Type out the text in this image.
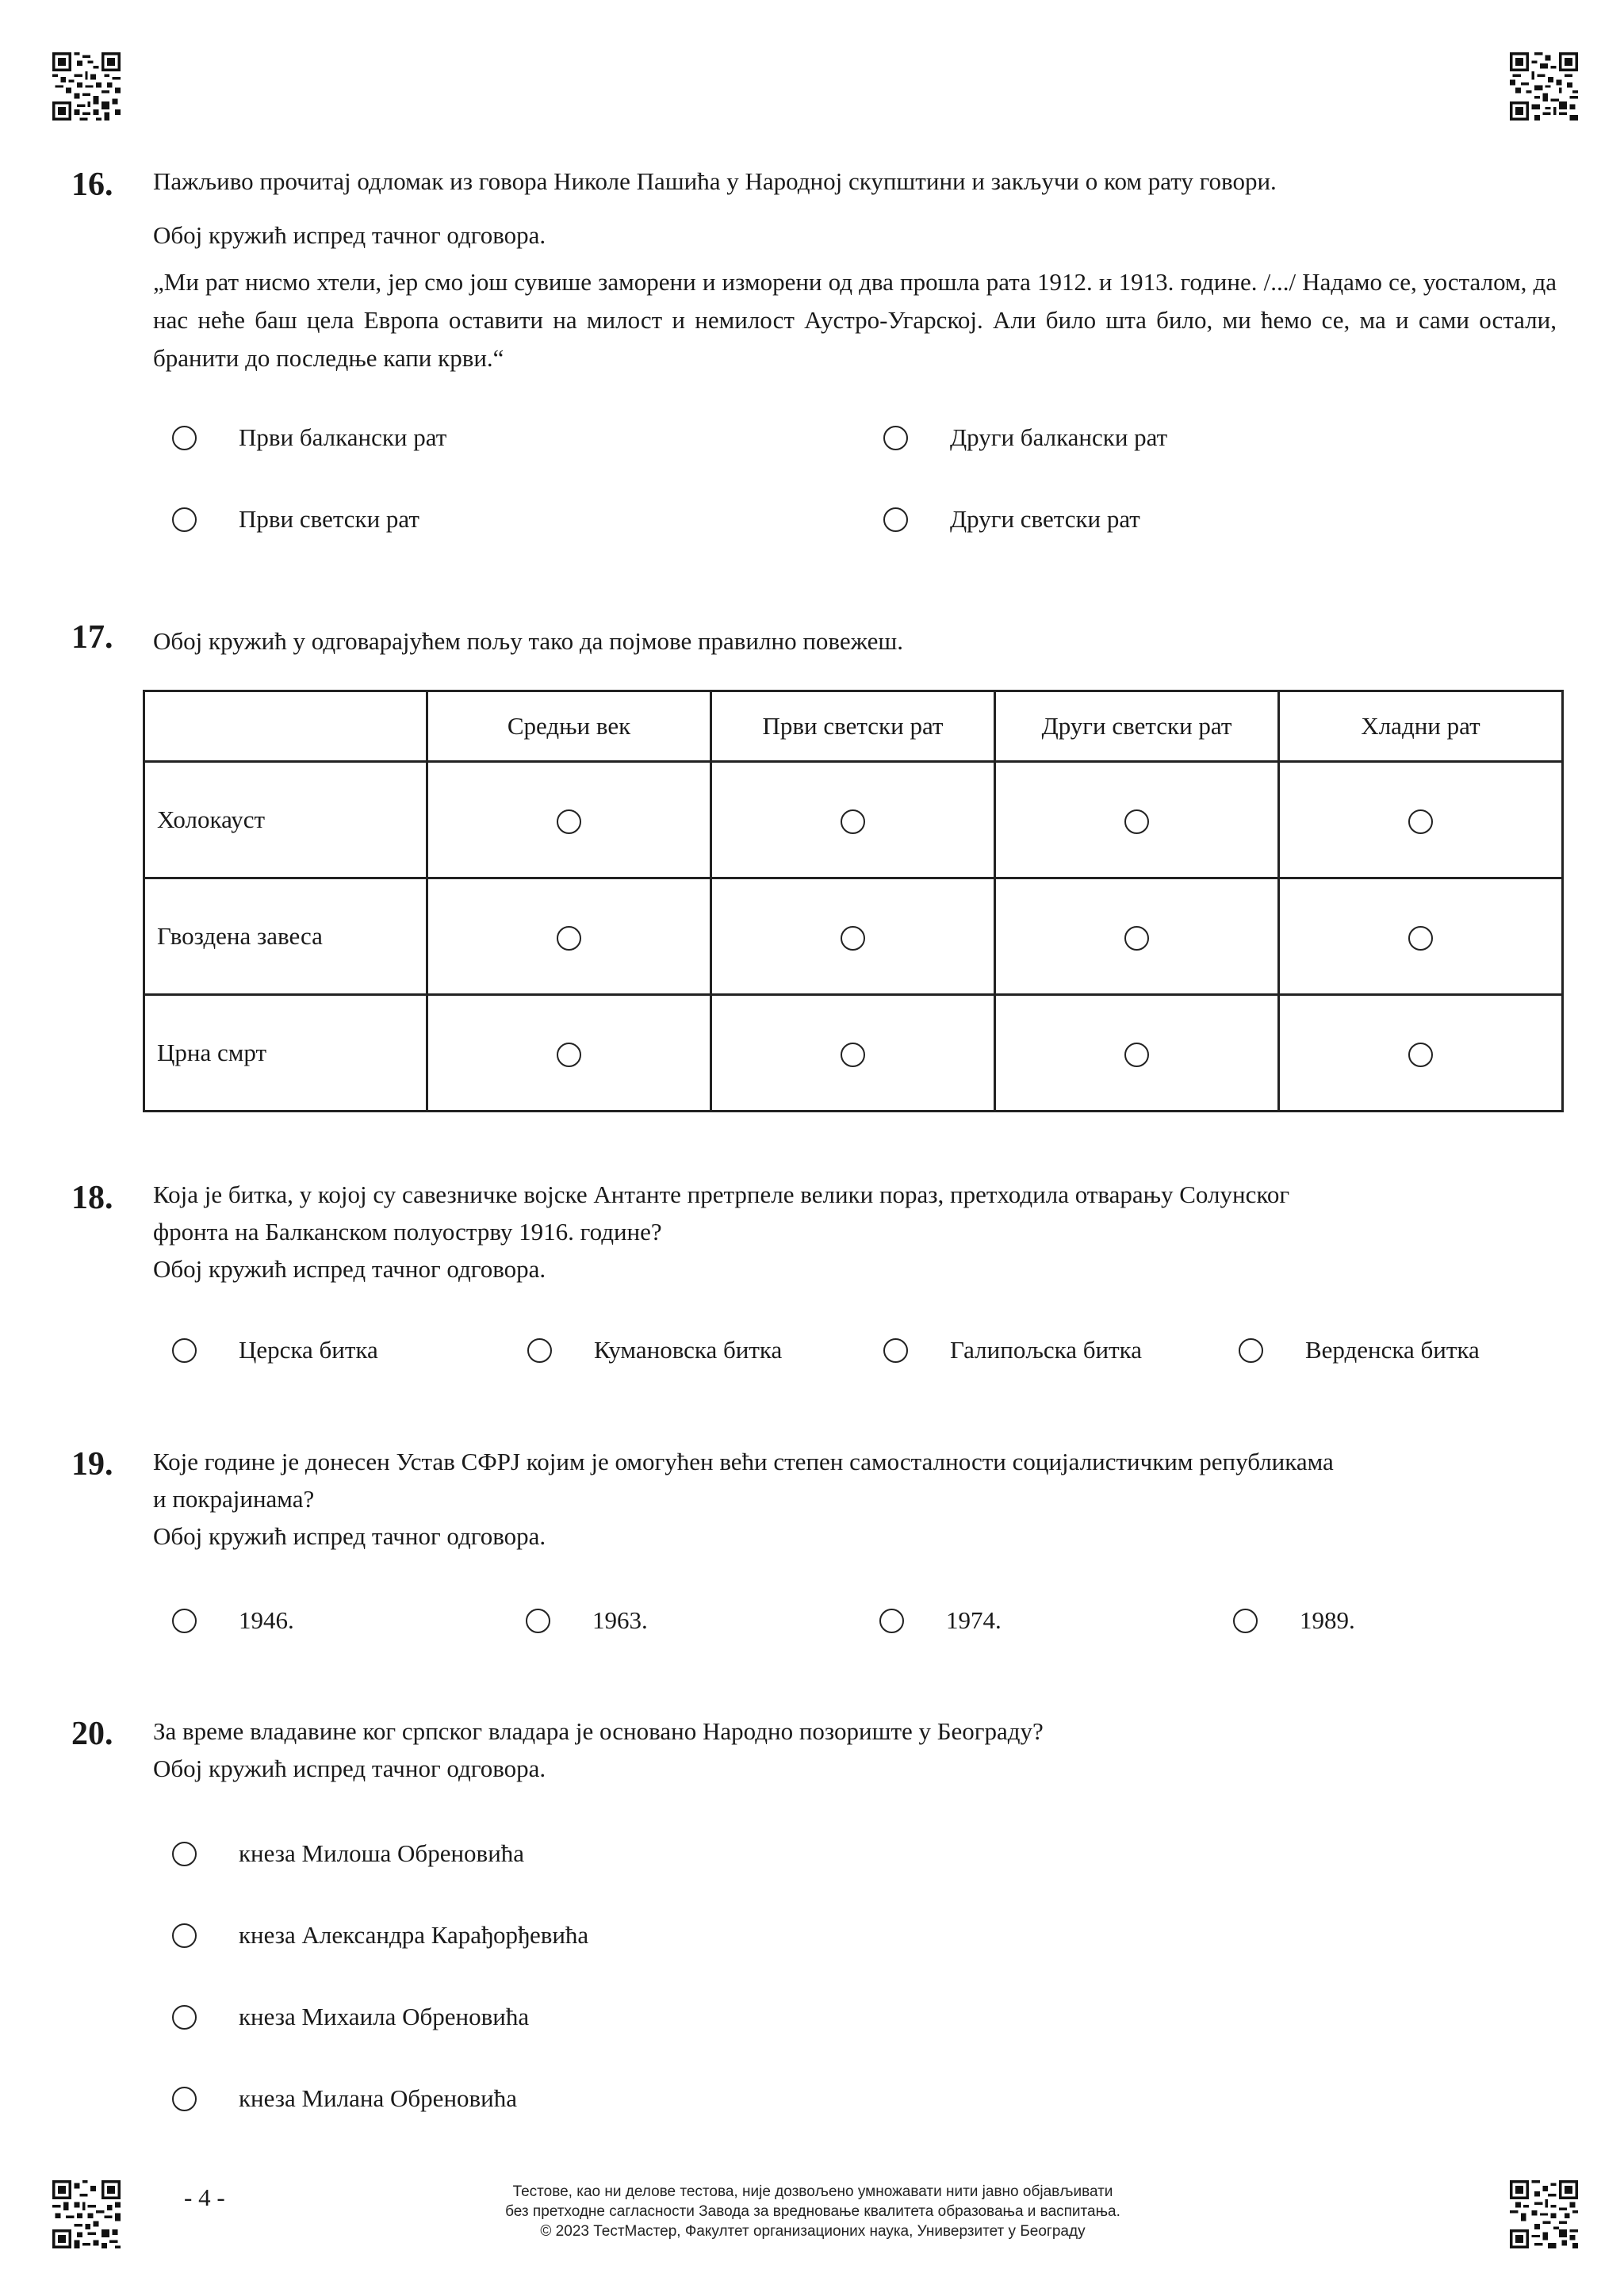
16. Пажљиво прочитај одломак из говора Николе Пашића у Народној скупштини и закључи о ком рату говори.
Обој кружић испред тачног одговора.
„Ми рат нисмо хтели, јер смо још сувише заморени и изморени од два прошла рата 1912. и 1913. године. /.../ Надамо се, уосталом, да нас неће баш цела Европа оставити на милост и немилост Аустро-Угарској. Али било шта било, ми ћемо се, ма и сами остали, бранити до последње капи крви.“
Први балкански рат	Други балкански рат
Први светски рат	Други светски рат
17. Обој кружић у одговарајућем пољу тако да појмове правилно повежеш.
	Средњи век	Први светски рат	Други светски рат	Хладни рат
Холокауст				
Гвоздена завеса				
Црна смрт				
18. Која је битка, у којој су савезничке војске Антанте претрпеле велики пораз, претходила отварању Солунског
фронта на Балканском полуострву 1916. године?
Обој кружић испред тачног одговора.
Церска битка	Кумановска битка	Галипољска битка	Верденска битка
19. Које године је донесен Устав СФРЈ којим је омогућен већи степен самосталности социјалистичким републикама
и покрајинама?
Обој кружић испред тачног одговора.
1946.	1963.	1974.	1989.
20. За време владавине ког српског владара је основано Народно позориште у Београду?
Обој кружић испред тачног одговора.
кнеза Милоша Обреновића
кнеза Александра Карађорђевића
кнеза Михаила Обреновића
кнеза Милана Обреновића
- 4 -	Тестове, као ни делове тестова, није дозвољено умножавати нити јавно објављивати
без претходне сагласности Завода за вредновање квалитета образовања и васпитања.
© 2023 ТестМастер, Факултет организационих наука, Универзитет у Београду
